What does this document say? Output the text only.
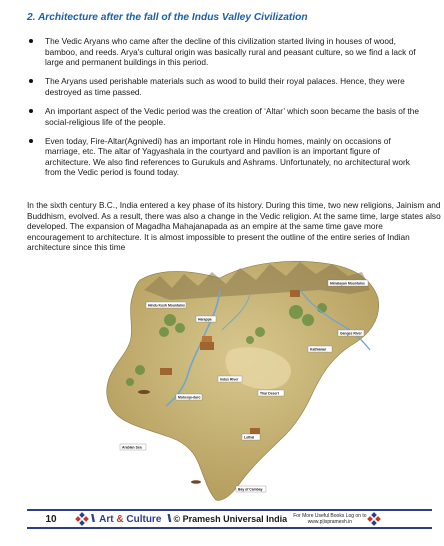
2. Architecture after the fall of the Indus Valley Civilization
The Vedic Aryans who came after the decline of this civilization started living in houses of wood, bamboo, and reeds. Arya's cultural origin was basically rural and peasant culture, so we find a lack of large and permanent buildings in this period.
The Aryans used perishable materials such as wood to build their royal palaces. Hence, they were destroyed as time passed.
An important aspect of the Vedic period was the creation of ‘Altar’ which soon became the basis of the social-religious life of the people.
Even today, Fire-Altar(Agnivedi) has an important role in Hindu homes, mainly on occasions of marriage, etc. The altar of Yagyashala in the courtyard and pavilion is an important figure of architecture. We also find references to Gurukuls and Ashrams. Unfortunately, no architectural work from the Vedic period is found today.

In the sixth century B.C., India entered a key phase of its history. During this time, two new religions, Jainism and Buddhism, evolved. As a result, there was also a change in the Vedic religion. At the same time, large states also developed. The expansion of Magadha Mahajanapada as an empire at the same time gave more encouragement to architecture. It is almost impossible to present the outline of the entire series of Indian architecture since this time

Hindu Kush Mountains
Harappa
Mohenjo-daro
Kathiawar
Lothal
Arabian Sea
Indus River
Thar Desert
Himalayan Mountains
Ganges River
Bay of Cambay
10	\\ Art & Culture \\ © Pramesh Universal India For More Useful Books Log on to
www.p|ispramesh.in
